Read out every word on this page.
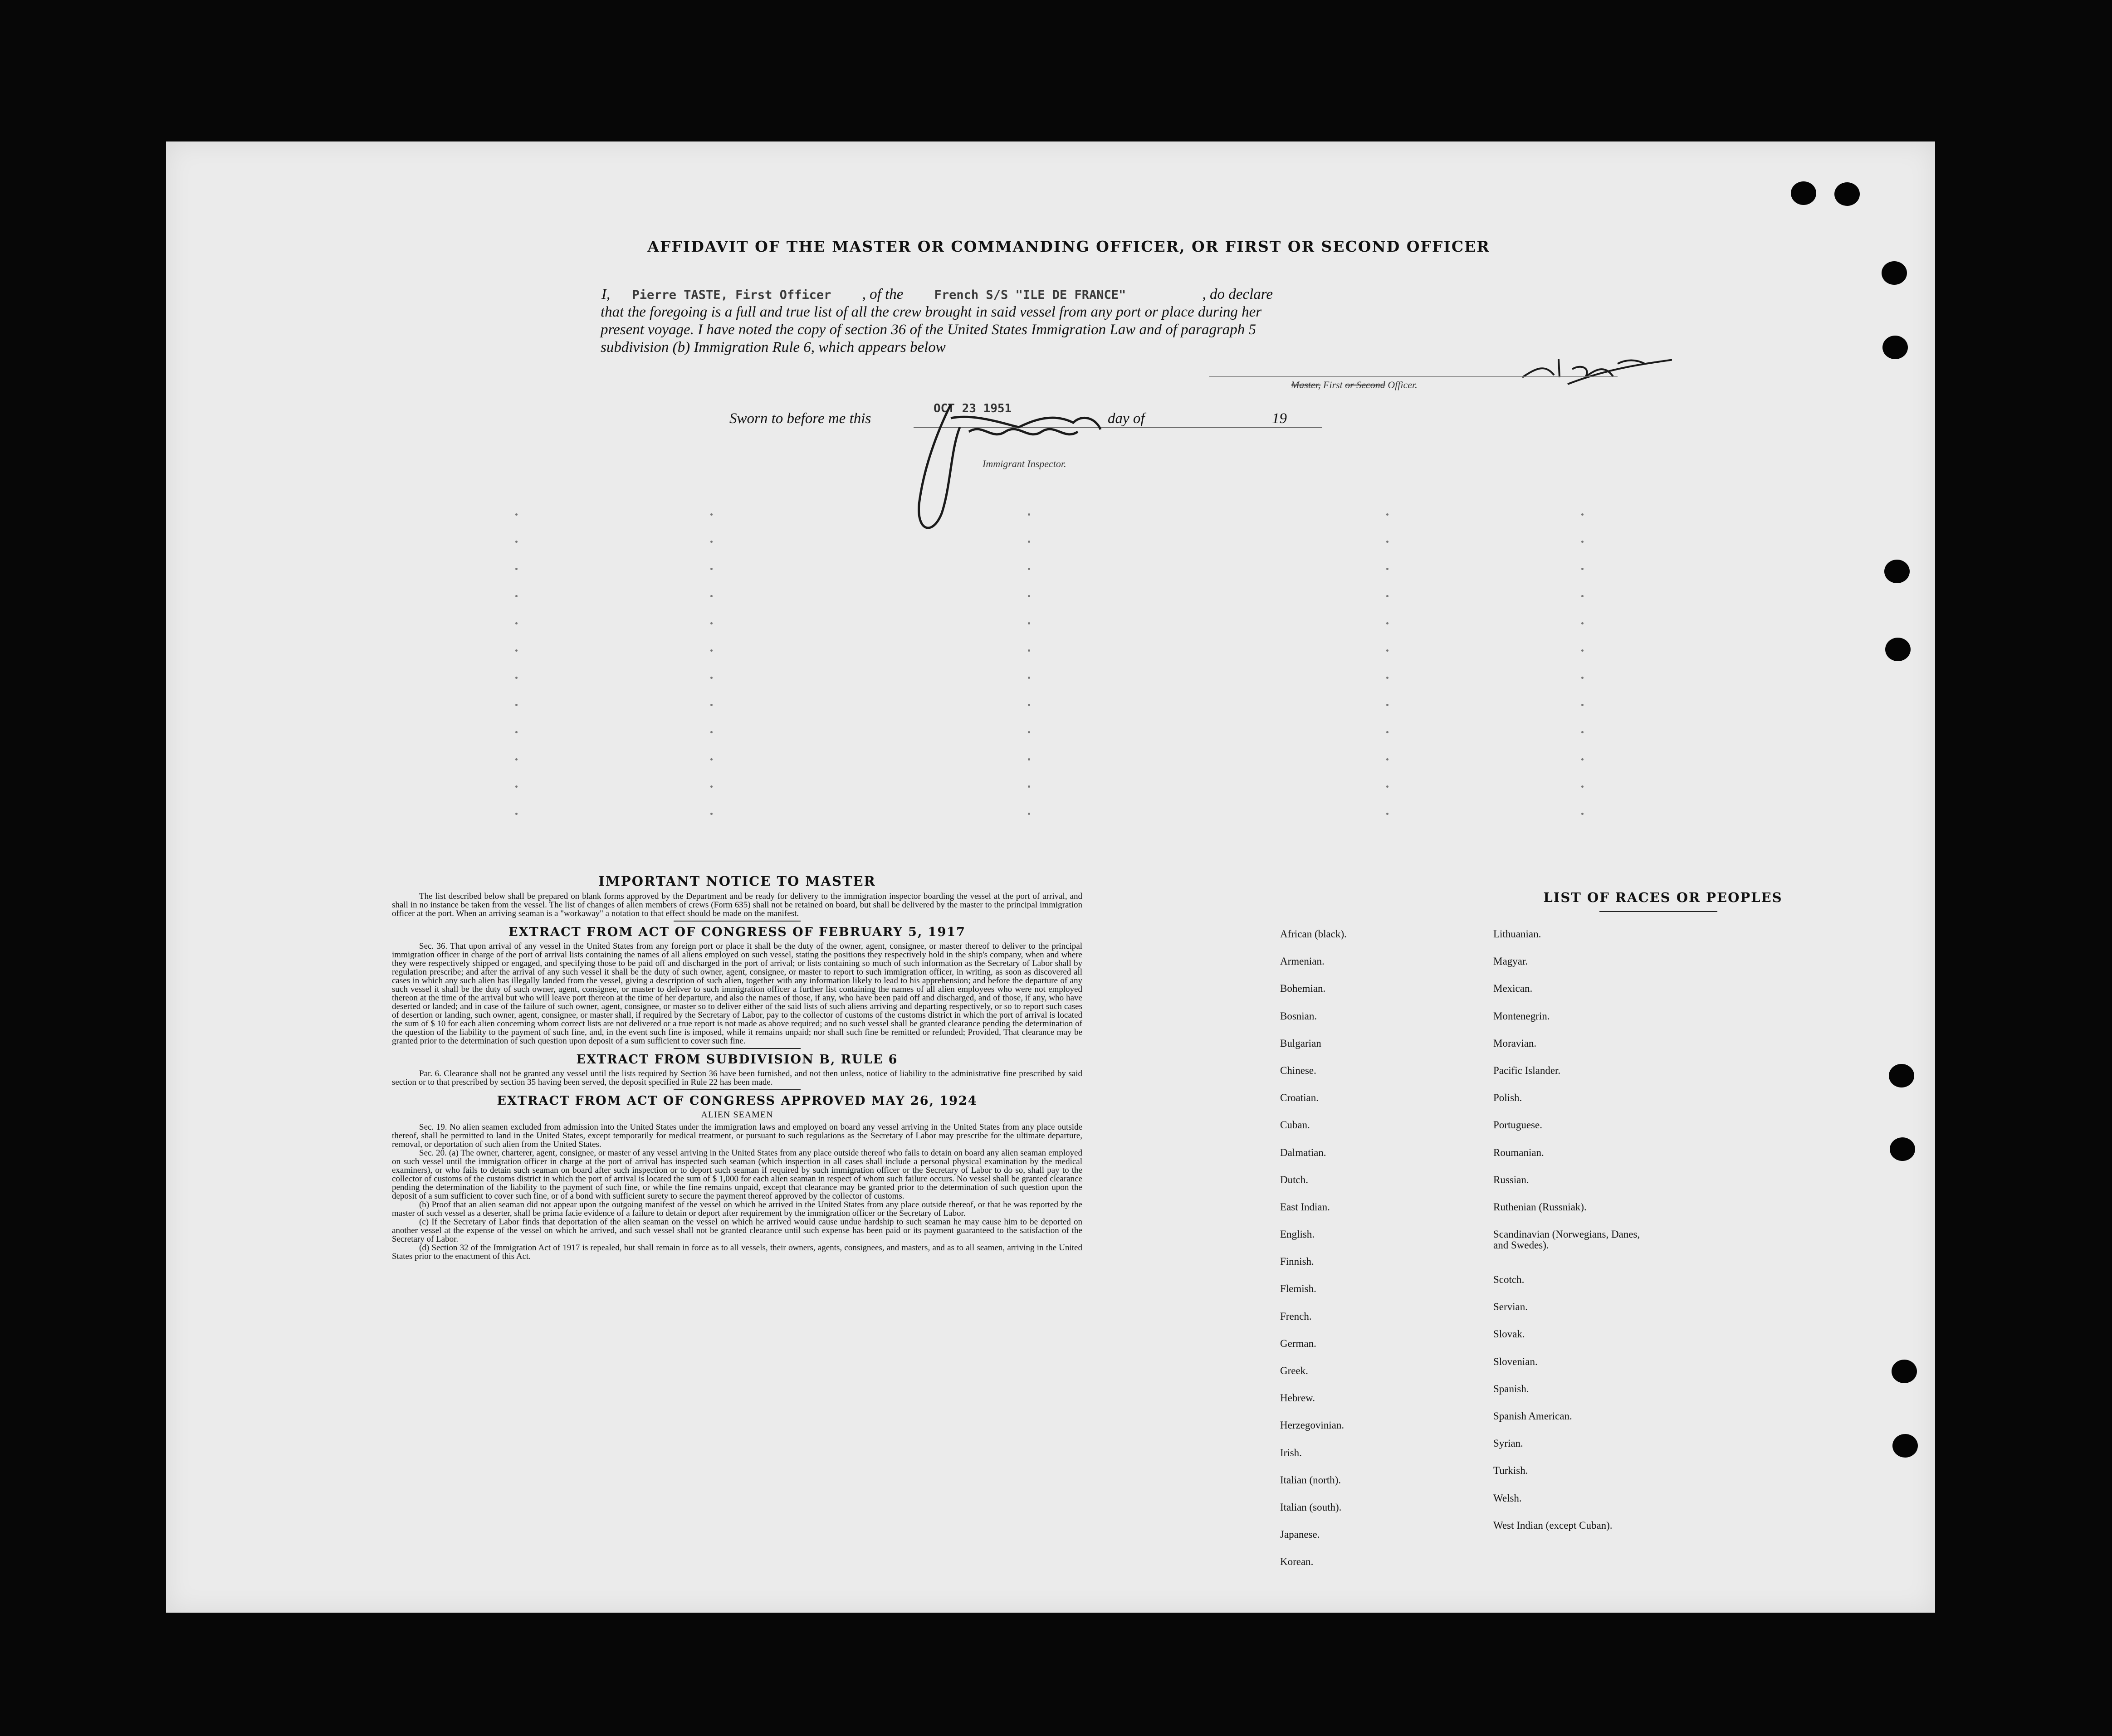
AFFIDAVIT OF THE MASTER OR COMMANDING OFFICER, OR FIRST OR SECOND OFFICER
I, Pierre TASTE, First Officer , of the	French S/S "ILE DE FRANCE"	, do declare
that the foregoing is a full and true list of all the crew brought in said vessel from any port or place during her
present voyage. I have noted the copy of section 36 of the United States Immigration Law and of paragraph 5
subdivision (b) Immigration Rule 6, which appears below
Master, First or Second Officer.
Sworn to before me this
OCT 23 1951
day of	19
Immigrant Inspector.
IMPORTANT NOTICE TO MASTER

The list described below shall be prepared on blank forms approved by the Department and be ready for delivery to the immigration inspector boarding the vessel at the port of arrival, and shall in no instance be taken from the vessel. The list of changes of alien members of crews (Form 635) shall not be retained on board, but shall be delivered by the master to the principal immigration officer at the port. When an arriving seaman is a "workaway" a notation to that effect should be made on the manifest.

EXTRACT FROM ACT OF CONGRESS OF FEBRUARY 5, 1917

Sec. 36. That upon arrival of any vessel in the United States from any foreign port or place it shall be the duty of the owner, agent, consignee, or master thereof to deliver to the principal immigration officer in charge of the port of arrival lists containing the names of all aliens employed on such vessel, stating the positions they respectively hold in the ship's company, when and where they were respectively shipped or engaged, and specifying those to be paid off and discharged in the port of arrival; or lists containing so much of such information as the Secretary of Labor shall by regulation prescribe; and after the arrival of any such vessel it shall be the duty of such owner, agent, consignee, or master to report to such immigration officer, in writing, as soon as discovered all cases in which any such alien has illegally landed from the vessel, giving a description of such alien, together with any information likely to lead to his apprehension; and before the departure of any such vessel it shall be the duty of such owner, agent, consignee, or master to deliver to such immigration officer a further list containing the names of all alien employees who were not employed thereon at the time of the arrival but who will leave port thereon at the time of her departure, and also the names of those, if any, who have been paid off and discharged, and of those, if any, who have deserted or landed; and in case of the failure of such owner, agent, consignee, or master so to deliver either of the said lists of such aliens arriving and departing respectively, or so to report such cases of desertion or landing, such owner, agent, consignee, or master shall, if required by the Secretary of Labor, pay to the collector of customs of the customs district in which the port of arrival is located the sum of $ 10 for each alien concerning whom correct lists are not delivered or a true report is not made as above required; and no such vessel shall be granted clearance pending the determination of the question of the liability to the payment of such fine, and, in the event such fine is imposed, while it remains unpaid; nor shall such fine be remitted or refunded; Provided, That clearance may be granted prior to the determination of such question upon deposit of a sum sufficient to cover such fine.

EXTRACT FROM SUBDIVISION B, RULE 6

Par. 6. Clearance shall not be granted any vessel until the lists required by Section 36 have been furnished, and not then unless, notice of liability to the administrative fine prescribed by said section or to that prescribed by section 35 having been served, the deposit specified in Rule 22 has been made.

EXTRACT FROM ACT OF CONGRESS APPROVED MAY 26, 1924
ALIEN SEAMEN

Sec. 19. No alien seamen excluded from admission into the United States under the immigration laws and employed on board any vessel arriving in the United States from any place outside thereof, shall be permitted to land in the United States, except temporarily for medical treatment, or pursuant to such regulations as the Secretary of Labor may prescribe for the ultimate departure, removal, or deportation of such alien from the United States.

Sec. 20. (a) The owner, charterer, agent, consignee, or master of any vessel arriving in the United States from any place outside thereof who fails to detain on board any alien seaman employed on such vessel until the immigration officer in charge at the port of arrival has inspected such seaman (which inspection in all cases shall include a personal physical examination by the medical examiners), or who fails to detain such seaman on board after such inspection or to deport such seaman if required by such immigration officer or the Secretary of Labor to do so, shall pay to the collector of customs of the customs district in which the port of arrival is located the sum of $ 1,000 for each alien seaman in respect of whom such failure occurs. No vessel shall be granted clearance pending the determination of the liability to the payment of such fine, or while the fine remains unpaid, except that clearance may be granted prior to the determination of such question upon the deposit of a sum sufficient to cover such fine, or of a bond with sufficient surety to secure the payment thereof approved by the collector of customs.

(b) Proof that an alien seaman did not appear upon the outgoing manifest of the vessel on which he arrived in the United States from any place outside thereof, or that he was reported by the master of such vessel as a deserter, shall be prima facie evidence of a failure to detain or deport after requirement by the immigration officer or the Secretary of Labor.

(c) If the Secretary of Labor finds that deportation of the alien seaman on the vessel on which he arrived would cause undue hardship to such seaman he may cause him to be deported on another vessel at the expense of the vessel on which he arrived, and such vessel shall not be granted clearance until such expense has been paid or its payment guaranteed to the satisfaction of the Secretary of Labor.

(d) Section 32 of the Immigration Act of 1917 is repealed, but shall remain in force as to all vessels, their owners, agents, consignees, and masters, and as to all seamen, arriving in the United States prior to the enactment of this Act.

LIST OF RACES OR PEOPLES
African (black).
Armenian.
Bohemian.
Bosnian.
Bulgarian
Chinese.
Croatian.
Cuban.
Dalmatian.
Dutch.
East Indian.
English.
Finnish.
Flemish.
French.
German.
Greek.
Hebrew.
Herzegovinian.
Irish.
Italian (north).
Italian (south).
Japanese.
Korean.
Lithuanian.
Magyar.
Mexican.
Montenegrin.
Moravian.
Pacific Islander.
Polish.
Portuguese.
Roumanian.
Russian.
Ruthenian (Russniak).
Scandinavian (Norwegians, Danes, and Swedes).
Scotch.
Servian.
Slovak.
Slovenian.
Spanish.
Spanish American.
Syrian.
Turkish.
Welsh.
West Indian (except Cuban).
